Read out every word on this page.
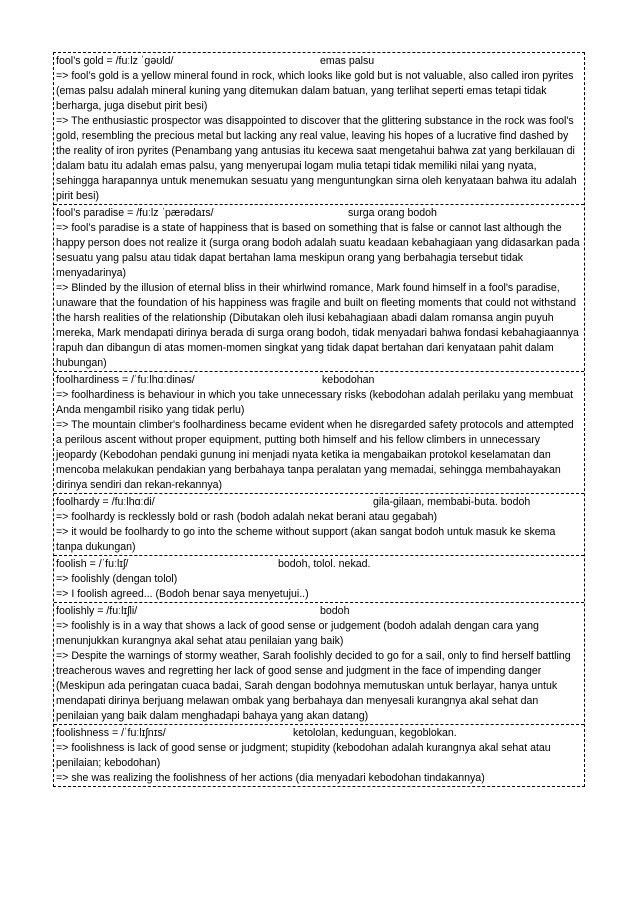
fool’s gold = /fuːlz ˈgəʊld/	emas palsu
=> fool’s gold is a yellow mineral found in rock, which looks like gold but is not valuable, also called iron pyrites (emas palsu adalah mineral kuning yang ditemukan dalam batuan, yang terlihat seperti emas tetapi tidak berharga, juga disebut pirit besi)
=> The enthusiastic prospector was disappointed to discover that the glittering substance in the rock was fool's gold, resembling the precious metal but lacking any real value, leaving his hopes of a lucrative find dashed by the reality of iron pyrites (Penambang yang antusias itu kecewa saat mengetahui bahwa zat yang berkilauan di dalam batu itu adalah emas palsu, yang menyerupai logam mulia tetapi tidak memiliki nilai yang nyata, sehingga harapannya untuk menemukan sesuatu yang menguntungkan sirna oleh kenyataan bahwa itu adalah pirit besi)
fool’s paradise = /fuːlz ˈpærədaɪs/	surga orang bodoh
=> fool’s paradise is a state of happiness that is based on something that is false or cannot last although the happy person does not realize it (surga orang bodoh adalah suatu keadaan kebahagiaan yang didasarkan pada sesuatu yang palsu atau tidak dapat bertahan lama meskipun orang yang berbahagia tersebut tidak menyadarinya)
=> Blinded by the illusion of eternal bliss in their whirlwind romance, Mark found himself in a fool's paradise, unaware that the foundation of his happiness was fragile and built on fleeting moments that could not withstand the harsh realities of the relationship (Dibutakan oleh ilusi kebahagiaan abadi dalam romansa angin puyuh mereka, Mark mendapati dirinya berada di surga orang bodoh, tidak menyadari bahwa fondasi kebahagiaannya rapuh dan dibangun di atas momen-momen singkat yang tidak dapat bertahan dari kenyataan pahit dalam hubungan)
foolhardiness = /ˈfuːlhɑːdinəs/	kebodohan
=> foolhardiness is behaviour in which you take unnecessary risks (kebodohan adalah perilaku yang membuat Anda mengambil risiko yang tidak perlu)
=> The mountain climber's foolhardiness became evident when he disregarded safety protocols and attempted a perilous ascent without proper equipment, putting both himself and his fellow climbers in unnecessary jeopardy (Kebodohan pendaki gunung ini menjadi nyata ketika ia mengabaikan protokol keselamatan dan mencoba melakukan pendakian yang berbahaya tanpa peralatan yang memadai, sehingga membahayakan dirinya sendiri dan rekan-rekannya)
foolhardy = /fuːlhɑːdi/	gila-gilaan, membabi-buta. bodoh
=> foolhardy is recklessly bold or rash (bodoh adalah nekat berani atau gegabah)
=> it would be foolhardy to go into the scheme without support (akan sangat bodoh untuk masuk ke skema tanpa dukungan)
foolish = /ˈfuːlɪʃ/	bodoh, tolol. nekad.
=> foolishly (dengan tolol)
=> I foolish agreed... (Bodoh benar saya menyetujui..)
foolishly = /fuːlɪʃli/	bodoh
=> foolishly is in a way that shows a lack of good sense or judgement (bodoh adalah dengan cara yang menunjukkan kurangnya akal sehat atau penilaian yang baik)
=> Despite the warnings of stormy weather, Sarah foolishly decided to go for a sail, only to find herself battling treacherous waves and regretting her lack of good sense and judgment in the face of impending danger (Meskipun ada peringatan cuaca badai, Sarah dengan bodohnya memutuskan untuk berlayar, hanya untuk mendapati dirinya berjuang melawan ombak yang berbahaya dan menyesali kurangnya akal sehat dan penilaian yang baik dalam menghadapi bahaya yang akan datang)
foolishness = /ˈfuːlɪʃnɪs/	ketololan, kedunguan, kegoblokan.
=> foolishness is lack of good sense or judgment; stupidity (kebodohan adalah kurangnya akal sehat atau penilaian; kebodohan)
=> she was realizing the foolishness of her actions (dia menyadari kebodohan tindakannya)
